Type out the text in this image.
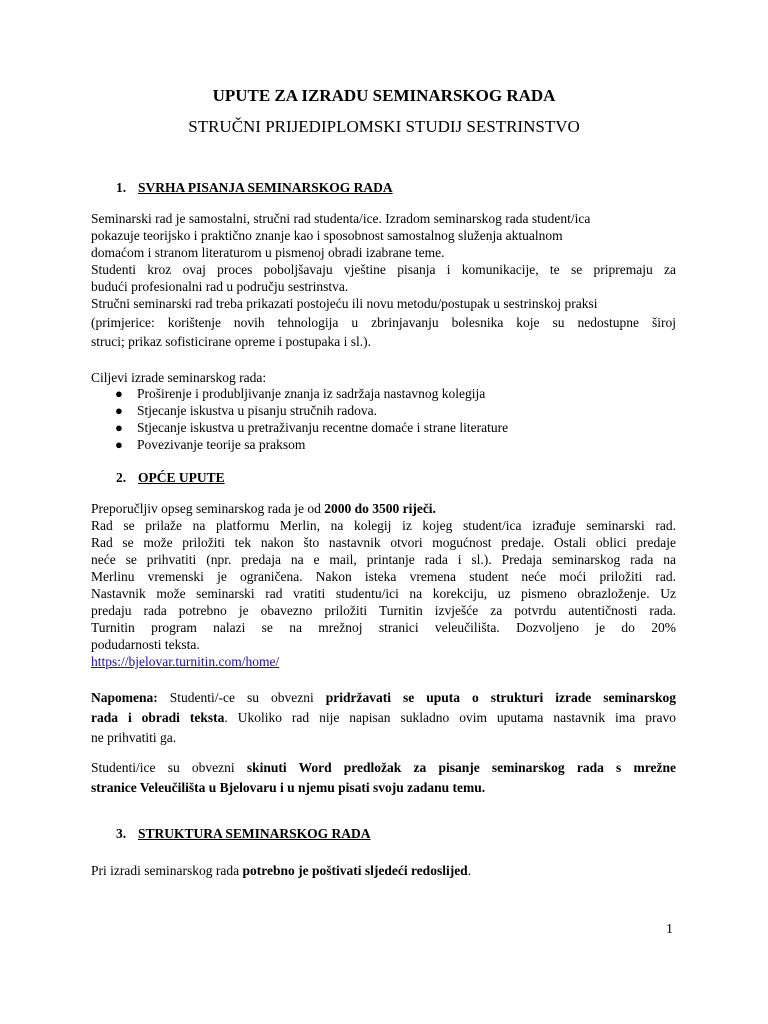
UPUTE ZA IZRADU SEMINARSKOG RADA
STRUČNI PRIJEDIPLOMSKI STUDIJ SESTRINSTVO
1. SVRHA PISANJA SEMINARSKOG RADA
Seminarski rad je samostalni, stručni rad studenta/ice. Izradom seminarskog rada student/ica
pokazuje teorijsko i praktično znanje kao i sposobnost samostalnog služenja aktualnom
domaćom i stranom literaturom u pismenoj obradi izabrane teme.
Studenti kroz ovaj proces poboljšavaju vještine pisanja i komunikacije, te se pripremaju za
budući profesionalni rad u području sestrinstva.
Stručni seminarski rad treba prikazati postojeću ili novu metodu/postupak u sestrinskoj praksi
(primjerice: korištenje novih tehnologija u zbrinjavanju bolesnika koje su nedostupne široj
struci; prikaz sofisticirane opreme i postupaka i sl.).
Ciljevi izrade seminarskog rada:
● Proširenje i produbljivanje znanja iz sadržaja nastavnog kolegija
● Stjecanje iskustva u pisanju stručnih radova.
● Stjecanje iskustva u pretraživanju recentne domaće i strane literature
● Povezivanje teorije sa praksom
2. OPĆE UPUTE
Preporučljiv opseg seminarskog rada je od 2000 do 3500 riječi.
Rad se prilaže na platformu Merlin, na kolegij iz kojeg student/ica izrađuje seminarski rad.
Rad se može priložiti tek nakon što nastavnik otvori mogućnost predaje. Ostali oblici predaje
neće se prihvatiti (npr. predaja na e mail, printanje rada i sl.). Predaja seminarskog rada na
Merlinu vremenski je ograničena. Nakon isteka vremena student neće moći priložiti rad.
Nastavnik može seminarski rad vratiti studentu/ici na korekciju, uz pismeno obrazloženje. Uz
predaju rada potrebno je obavezno priložiti Turnitin izvješće za potvrdu autentičnosti rada.
Turnitin program nalazi se na mrežnoj stranici veleučilišta. Dozvoljeno je do 20%
podudarnosti teksta.
https://bjelovar.turnitin.com/home/
Napomena: Studenti/-ce su obvezni pridržavati se uputa o strukturi izrade seminarskog
rada i obradi teksta. Ukoliko rad nije napisan sukladno ovim uputama nastavnik ima pravo
ne prihvatiti ga.
Studenti/ice su obvezni skinuti Word predložak za pisanje seminarskog rada s mrežne
stranice Veleučilišta u Bjelovaru i u njemu pisati svoju zadanu temu.
3. STRUKTURA SEMINARSKOG RADA
Pri izradi seminarskog rada potrebno je poštivati sljedeći redoslijed.
1
